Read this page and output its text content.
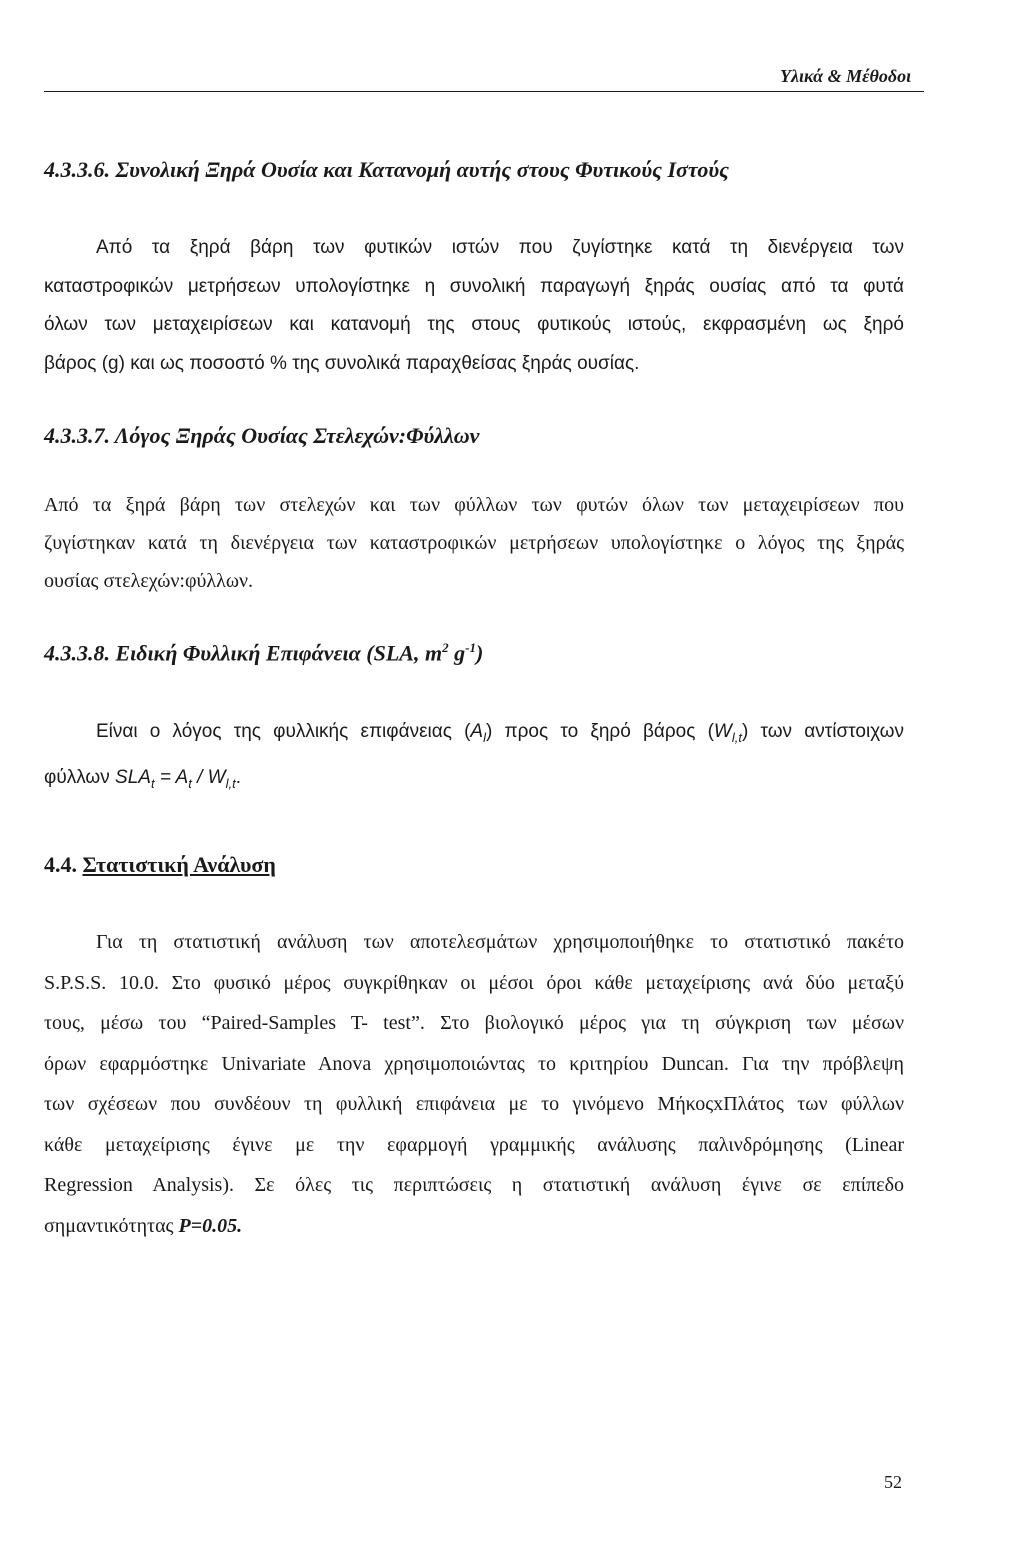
Υλικά & Μέθοδοι
4.3.3.6. Συνολική Ξηρά Ουσία και Κατανομή αυτής στους Φυτικούς Ιστούς
Από τα ξηρά βάρη των φυτικών ιστών που ζυγίστηκε κατά τη διενέργεια των
καταστροφικών μετρήσεων υπολογίστηκε η συνολική παραγωγή ξηράς ουσίας από τα φυτά
όλων των μεταχειρίσεων και κατανομή της στους φυτικούς ιστούς, εκφρασμένη ως ξηρό
βάρος (g) και ως ποσοστό % της συνολικά παραχθείσας ξηράς ουσίας.
4.3.3.7. Λόγος Ξηράς Ουσίας Στελεχών:Φύλλων
Από τα ξηρά βάρη των στελεχών και των φύλλων των φυτών όλων των μεταχειρίσεων που
ζυγίστηκαν κατά τη διενέργεια των καταστροφικών μετρήσεων υπολογίστηκε ο λόγος της ξηράς
ουσίας στελεχών:φύλλων.
4.3.3.8. Ειδική Φυλλική Επιφάνεια (SLA, $m^2$ $g^{-1}$)
Είναι ο λόγος της φυλλικής επιφάνειας $(A_l)$ προς το ξηρό βάρος $(W_{l,t})$ των αντίστοιχων
φύλλων $SLA_t = A_t / W_{l,t}$.
4.4. Στατιστική Ανάλυση
Για τη στατιστική ανάλυση των αποτελεσμάτων χρησιμοποιήθηκε το στατιστικό πακέτο
S.P.S.S. 10.0. Στο φυσικό μέρος συγκρίθηκαν οι μέσοι όροι κάθε μεταχείρισης ανά δύο μεταξύ
τους, μέσω του “Paired-Samples T- test”. Στο βιολογικό μέρος για τη σύγκριση των μέσων
όρων εφαρμόστηκε Univariate Anova χρησιμοποιώντας το κριτηρίου Duncan. Για την πρόβλεψη
των σχέσεων που συνδέουν τη φυλλική επιφάνεια με το γινόμενο ΜήκοςxΠλάτος των φύλλων
κάθε μεταχείρισης έγινε με την εφαρμογή γραμμικής ανάλυσης παλινδρόμησης (Linear
Regression Analysis). Σε όλες τις περιπτώσεις η στατιστική ανάλυση έγινε σε επίπεδο
σημαντικότητας P=0.05.
52
